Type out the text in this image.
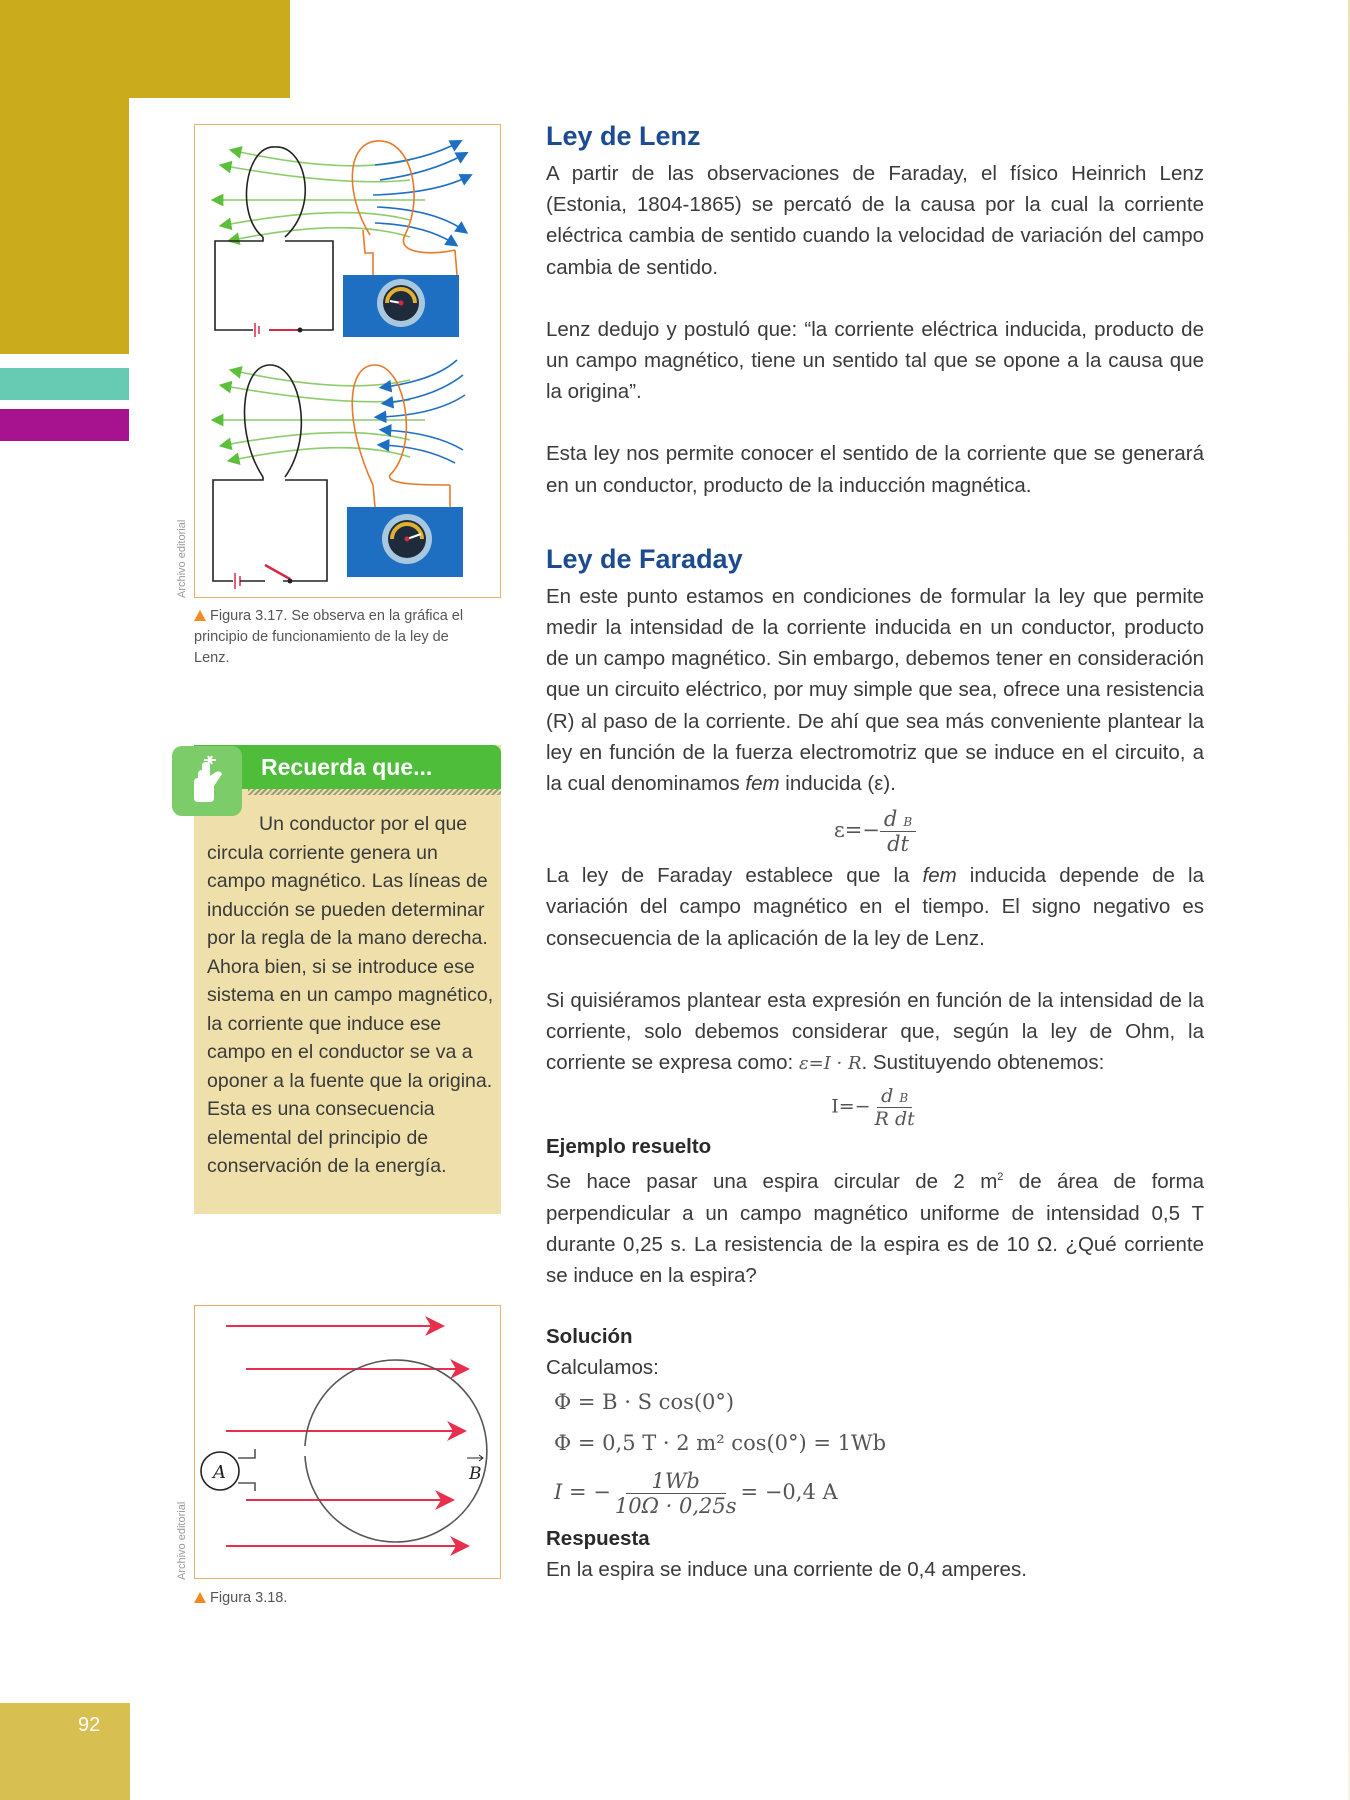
92
Archivo editorial
Figura 3.17. Se observa en la gráfica el principio de funcionamiento de la ley de Lenz.
Recuerda que...
Un conductor por el que circula corriente genera un campo magnético. Las líneas de inducción se pueden determinar por la regla de la mano derecha. Ahora bien, si se introduce ese sistema en un campo magnético, la corriente que induce ese campo en el conductor se va a oponer a la fuente que la origina. Esta es una consecuencia elemental del principio de conservación de la energía.
A	B
Archivo editorial
Figura 3.18.
Ley de Lenz

A partir de las observaciones de Faraday, el físico Heinrich Lenz (Estonia, 1804-1865) se percató de la causa por la cual la corriente eléctrica cambia de sentido cuando la velocidad de variación del campo cambia de sentido.

Lenz dedujo y postuló que: “la corriente eléctrica inducida, producto de un campo magnético, tiene un sentido tal que se opone a la causa que la origina”.

Esta ley nos permite conocer el sentido de la corriente que se generará en un conductor, producto de la inducción magnética.

Ley de Faraday

En este punto estamos en condiciones de formular la ley que permite medir la intensidad de la corriente inducida en un conductor, producto de un campo magnético. Sin embargo, debemos tener en consideración que un circuito eléctrico, por muy simple que sea, ofrece una resistencia (R) al paso de la corriente. De ahí que sea más conveniente plantear la ley en función de la fuerza electromotriz que se induce en el circuito, a la cual denominamos fem inducida (ε).

$\varepsilon=- \frac{\text{d B}}{dt}$

La ley de Faraday establece que la fem inducida depende de la variación del campo magnético en el tiempo. El signo negativo es consecuencia de la aplicación de la ley de Lenz.

Si quisiéramos plantear esta expresión en función de la intensidad de la corriente, solo debemos considerar que, según la ley de Ohm, la corriente se expresa como: ε=I · R. Sustituyendo obtenemos:

$I=- \frac{\text{d B}}{\text{R dt}}$
Ejemplo resuelto

Se hace pasar una espira circular de 2 $m^2$ de área de forma perpendicular a un campo magnético uniforme de intensidad 0,5 T durante 0,25 s. La resistencia de la espira es de 10 Ω. ¿Qué corriente se induce en la espira?

Solución

Calculamos:

Φ = B · S cos(0°)
Φ = 0,5 T · 2 m² cos(0°) = 1Wb
I = − $\frac{1Wb}{10\Omega \cdot 0,25s} = -0,4$ A
Respuesta

En la espira se induce una corriente de 0,4 amperes.
